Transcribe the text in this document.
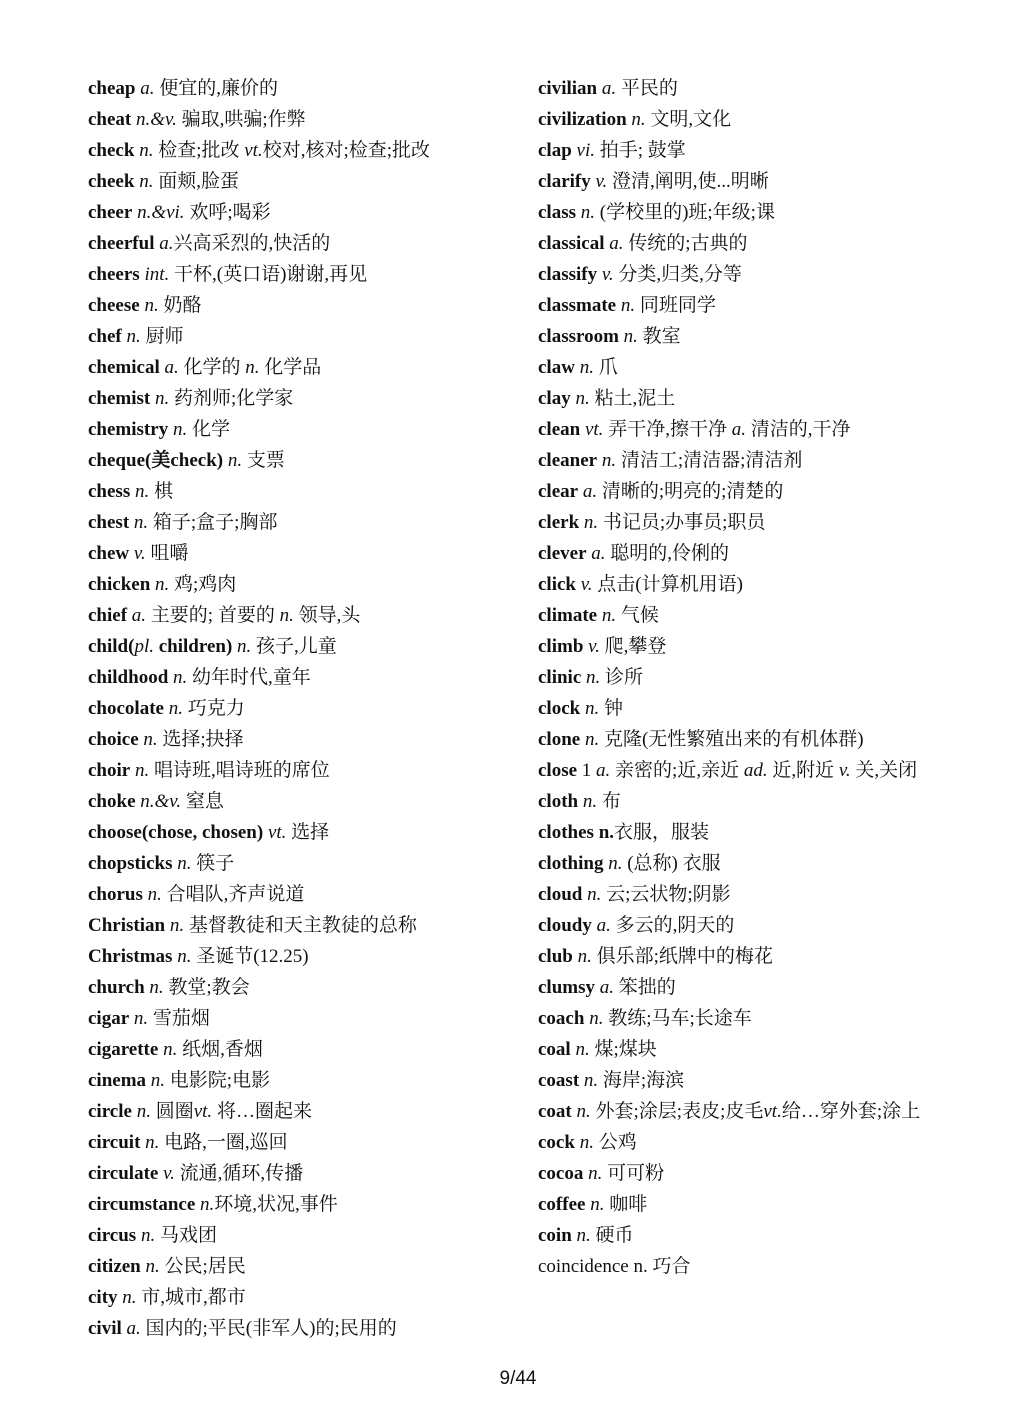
cheap a. 便宜的,廉价的
cheat n.&v. 骗取,哄骗;作弊
check n. 检查;批改 vt.校对,核对;检查;批改
cheek n. 面颊,脸蛋
cheer n.&vi. 欢呼;喝彩
cheerful a.兴高采烈的,快活的
cheers int. 干杯,(英口语)谢谢,再见
cheese n. 奶酪
chef n. 厨师
chemical a. 化学的 n. 化学品
chemist n. 药剂师;化学家
chemistry n. 化学
cheque(美check) n. 支票
chess n. 棋
chest n. 箱子;盒子;胸部
chew v. 咀嚼
chicken n. 鸡;鸡肉
chief a. 主要的; 首要的 n. 领导,头
child(pl. children) n. 孩子,儿童
childhood n. 幼年时代,童年
chocolate n. 巧克力
choice n. 选择;抉择
choir n. 唱诗班,唱诗班的席位
choke n.&v. 窒息
choose(chose, chosen) vt. 选择
chopsticks n. 筷子
chorus n. 合唱队,齐声说道
Christian n. 基督教徒和天主教徒的总称
Christmas n. 圣诞节(12.25)
church n. 教堂;教会
cigar n. 雪茄烟
cigarette n. 纸烟,香烟
cinema n. 电影院;电影
circle n. 圆圈vt. 将…圈起来
circuit n. 电路,一圈,巡回
circulate v. 流通,循环,传播
circumstance n.环境,状况,事件
circus n. 马戏团
citizen n. 公民;居民
city n. 市,城市,都市
civil a. 国内的;平民(非军人)的;民用的
civilian a. 平民的
civilization n. 文明,文化
clap vi. 拍手; 鼓掌
clarify v. 澄清,阐明,使...明晰
class n. (学校里的)班;年级;课
classical a. 传统的;古典的
classify v. 分类,归类,分等
classmate n. 同班同学
classroom n. 教室
claw n. 爪
clay n. 粘土,泥土
clean vt. 弄干净,擦干净 a. 清洁的,干净
cleaner n. 清洁工;清洁器;清洁剂
clear a. 清晰的;明亮的;清楚的
clerk n. 书记员;办事员;职员
clever a. 聪明的,伶俐的
click v. 点击(计算机用语)
climate n. 气候
climb v. 爬,攀登
clinic n. 诊所
clock n. 钟
clone n. 克隆(无性繁殖出来的有机体群)
close 1 a. 亲密的;近,亲近 ad. 近,附近 v. 关,关闭
cloth n. 布
clothes n.衣服，服装
clothing n. (总称) 衣服
cloud n. 云;云状物;阴影
cloudy a. 多云的,阴天的
club n. 俱乐部;纸牌中的梅花
clumsy a. 笨拙的
coach n. 教练;马车;长途车
coal n. 煤;煤块
coast n. 海岸;海滨
coat n. 外套;涂层;表皮;皮毛vt.给…穿外套;涂上
cock n. 公鸡
cocoa n. 可可粉
coffee n. 咖啡
coin n. 硬币
coincidence n. 巧合
9/44
